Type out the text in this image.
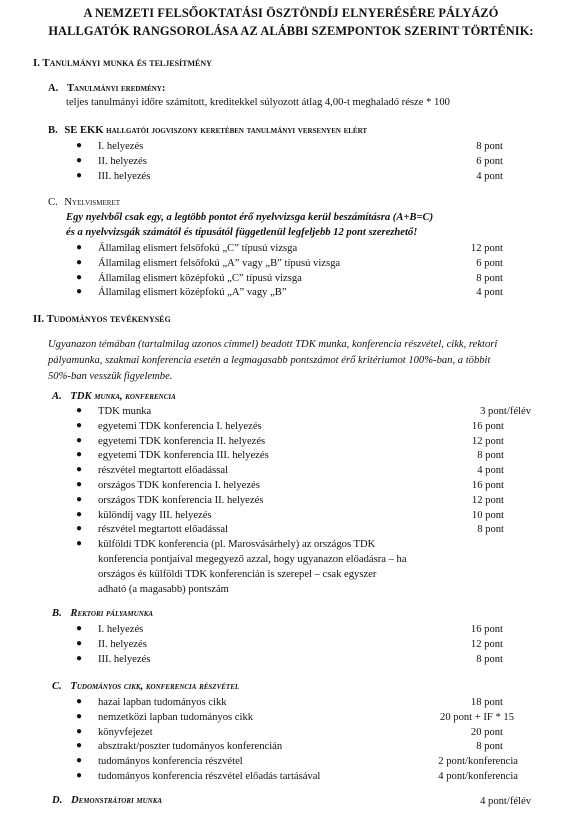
A NEMZETI FELSŐOKTATÁSI ÖSZTÖNDÍJ ELNYERÉSÉRE PÁLYÁZÓ
HALLGATÓK RANGSOROLÁSA AZ ALÁBBI SZEMPONTOK SZERINT TÖRTÉNIK:
I. Tanulmányi munka és teljesítmény
A. Tanulmányi eredmény:
teljes tanulmányi időre számított, kreditekkel súlyozott átlag 4,00-t meghaladó része * 100
B. SE EKK hallgatói jogviszony keretében tanulmányi versenyen elért
● I. helyezés	8 pont
● II. helyezés	6 pont
● III. helyezés	4 pont
C. Nyelvismeret
Egy nyelvből csak egy, a legtöbb pontot érő nyelvvizsga kerül beszámításra (A+B=C)
és a nyelvvizsgák számától és típusától függetlenül legfeljebb 12 pont szerezhető!
● Államilag elismert felsőfokú „C” típusú vizsga	12 pont
● Államilag elismert felsőfokú „A” vagy „B” típusú vizsga	6 pont
● Államilag elismert középfokú „C” típusú vizsga	8 pont
● Államilag elismert középfokú „A” vagy „B”	4 pont
II. Tudományos tevékenység
Ugyanazon témában (tartalmilag azonos címmel) beadott TDK munka, konferencia részvétel, cikk, rektori
pályamunka, szakmai konferencia esetén a legmagasabb pontszámot érő kritériumot 100%-ban, a többit
50%-ban vesszük figyelembe.
A. TDK munka, konferencia
● TDK munka	3 pont/félév
● egyetemi TDK konferencia I. helyezés	16 pont
● egyetemi TDK konferencia II. helyezés	12 pont
● egyetemi TDK konferencia III. helyezés	8 pont
● részvétel megtartott előadással	4 pont
● országos TDK konferencia I. helyezés	16 pont
● országos TDK konferencia II. helyezés	12 pont
● különdíj vagy III. helyezés	10 pont
● részvétel megtartott előadással	8 pont
● külföldi TDK konferencia (pl. Marosvásárhely) az országos TDK
konferencia pontjaival megegyező azzal, hogy ugyanazon előadásra – ha
országos és külföldi TDK konferencián is szerepel – csak egyszer
adható (a magasabb) pontszám
B. Rektori pályamunka
● I. helyezés	16 pont
● II. helyezés	12 pont
● III. helyezés	8 pont
C. Tudományos cikk, konferencia részvétel
● hazai lapban tudományos cikk	18 pont
● nemzetközi lapban tudományos cikk	20 pont + IF * 15
● könyvfejezet	20 pont
● absztrakt/poszter tudományos konferencián	8 pont
● tudományos konferencia részvétel	2 pont/konferencia
● tudományos konferencia részvétel előadás tartásával	4 pont/konferencia
D. Demonstrátori munka	4 pont/félév
